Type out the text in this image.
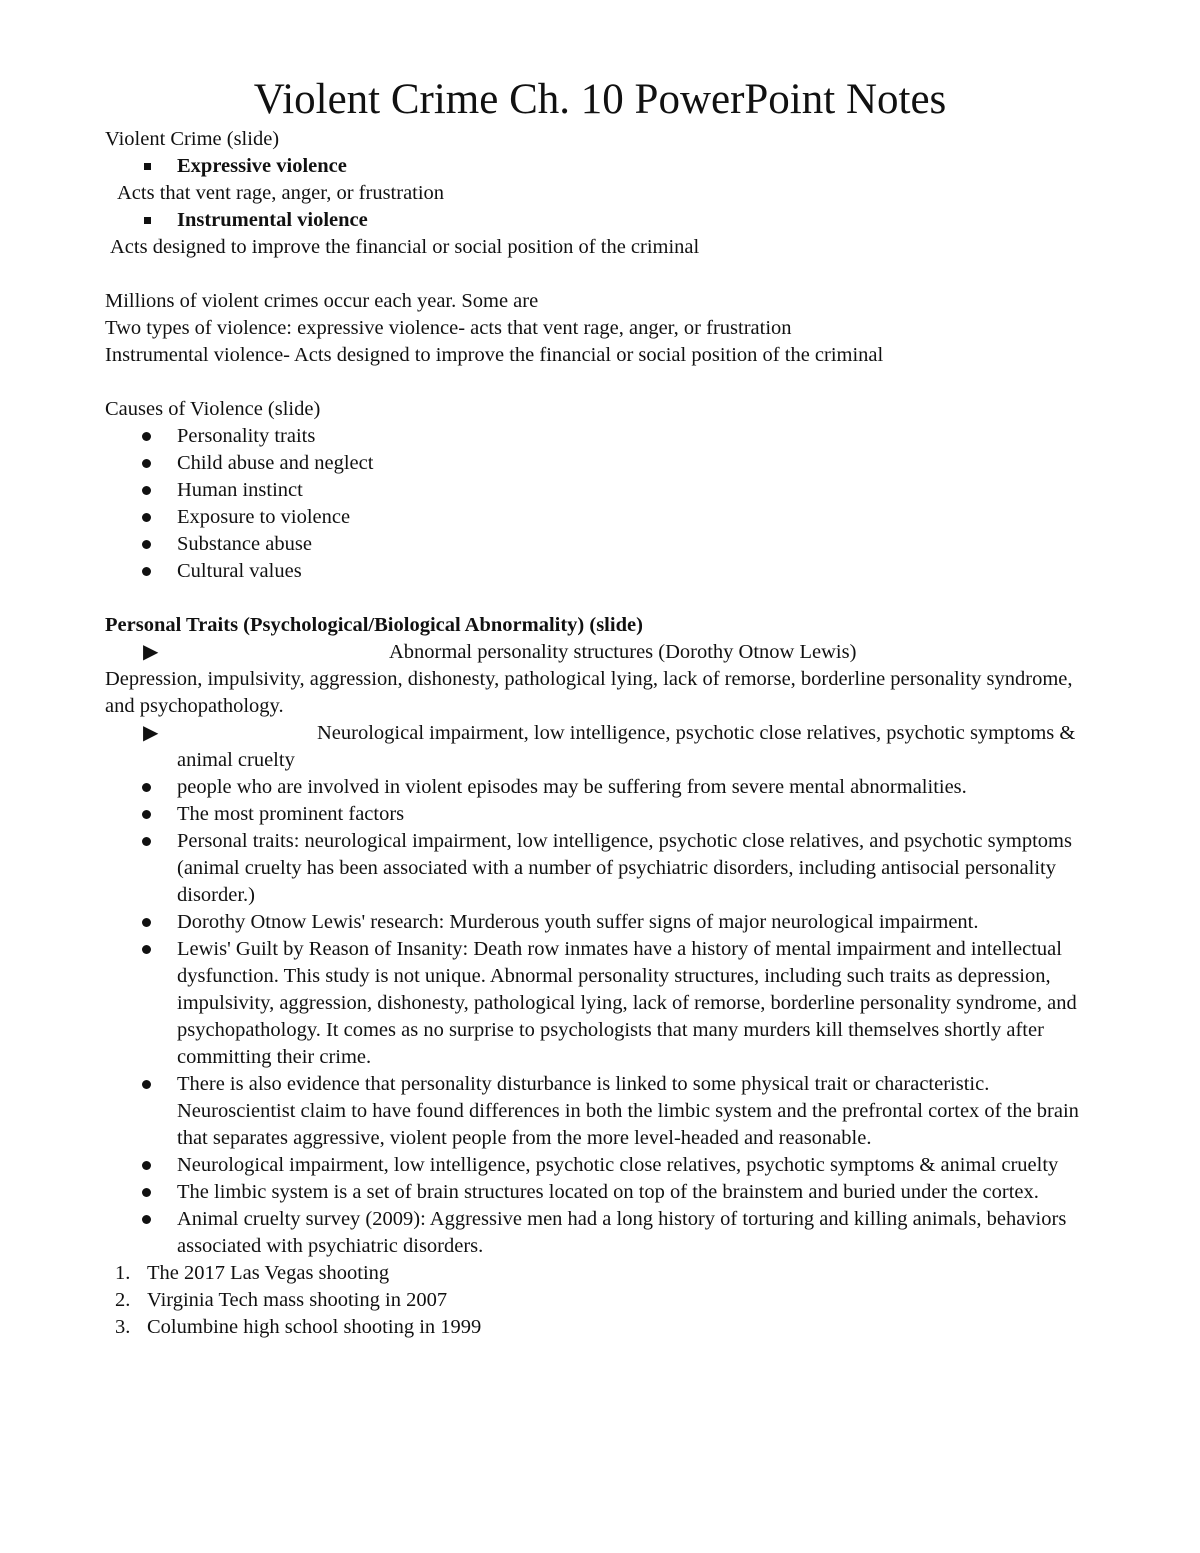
Violent Crime Ch. 10 PowerPoint Notes

Violent Crime (slide)

Expressive violence
Acts that vent rage, anger, or frustration
Instrumental violence
Acts designed to improve the financial or social position of the criminal

Millions of violent crimes occur each year. Some are

Two types of violence: expressive violence- acts that vent rage, anger, or frustration

Instrumental violence- Acts designed to improve the financial or social position of the criminal

Causes of Violence (slide)

Personality traits
Child abuse and neglect
Human instinct
Exposure to violence
Substance abuse
Cultural values

Personal Traits (Psychological/Biological Abnormality) (slide)

▶	Abnormal personality structures (Dorothy Otnow Lewis)

Depression, impulsivity, aggression, dishonesty, pathological lying, lack of remorse, borderline personality syndrome, and psychopathology.

▶	Neurological impairment, low intelligence, psychotic close relatives, psychotic symptoms & animal cruelty
people who are involved in violent episodes may be suffering from severe mental abnormalities.
The most prominent factors
Personal traits: neurological impairment, low intelligence, psychotic close relatives, and psychotic symptoms (animal cruelty has been associated with a number of psychiatric disorders, including antisocial personality disorder.)
Dorothy Otnow Lewis' research: Murderous youth suffer signs of major neurological impairment.
Lewis' Guilt by Reason of Insanity: Death row inmates have a history of mental impairment and intellectual dysfunction. This study is not unique. Abnormal personality structures, including such traits as depression, impulsivity, aggression, dishonesty, pathological lying, lack of remorse, borderline personality syndrome, and psychopathology. It comes as no surprise to psychologists that many murders kill themselves shortly after committing their crime.
There is also evidence that personality disturbance is linked to some physical trait or characteristic. Neuroscientist claim to have found differences in both the limbic system and the prefrontal cortex of the brain that separates aggressive, violent people from the more level-headed and reasonable.
Neurological impairment, low intelligence, psychotic close relatives, psychotic symptoms & animal cruelty
The limbic system is a set of brain structures located on top of the brainstem and buried under the cortex.
Animal cruelty survey (2009): Aggressive men had a long history of torturing and killing animals, behaviors associated with psychiatric disorders.
1. The 2017 Las Vegas shooting
2. Virginia Tech mass shooting in 2007
3. Columbine high school shooting in 1999
